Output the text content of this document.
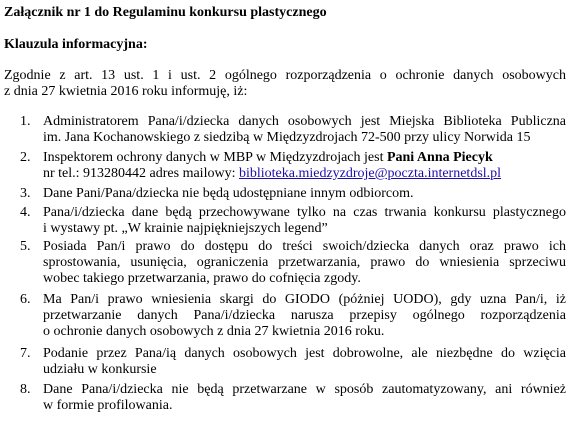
Załącznik nr 1 do Regulaminu konkursu plastycznego
Klauzula informacyjna:

Zgodnie z art. 13 ust. 1 i ust. 2 ogólnego rozporządzenia o ochronie danych osobowych
z dnia 27 kwietnia 2016 roku informuję, iż:

1. Administratorem Pana/i/dziecka danych osobowych jest Miejska Biblioteka Publiczna
im. Jana Kochanowskiego z siedzibą w Międzyzdrojach 72-500 przy ulicy Norwida 15
2. Inspektorem ochrony danych w MBP w Międzyzdrojach jest Pani Anna Piecyk
nr tel.: 913280442 adres mailowy: biblioteka.miedzyzdroje@poczta.internetdsl.pl
3. Dane Pani/Pana/dziecka nie będą udostępniane innym odbiorcom.
4. Pana/i/dziecka dane będą przechowywane tylko na czas trwania konkursu plastycznego
i wystawy pt. „W krainie najpiękniejszych legend”
5. Posiada Pan/i prawo do dostępu do treści swoich/dziecka danych oraz prawo ich
sprostowania, usunięcia, ograniczenia przetwarzania, prawo do wniesienia sprzeciwu
wobec takiego przetwarzania, prawo do cofnięcia zgody.
6. Ma Pan/i prawo wniesienia skargi do GIODO (póżniej UODO), gdy uzna Pan/i, iż
przetwarzanie danych Pana/i/dziecka narusza przepisy ogólnego rozporządzenia
o ochronie danych osobowych z dnia 27 kwietnia 2016 roku.
7. Podanie przez Pana/ią danych osobowych jest dobrowolne, ale niezbędne do wzięcia
udziału w konkursie
8. Dane Pana/i/dziecka nie będą przetwarzane w sposób zautomatyzowany, ani również
w formie profilowania.
